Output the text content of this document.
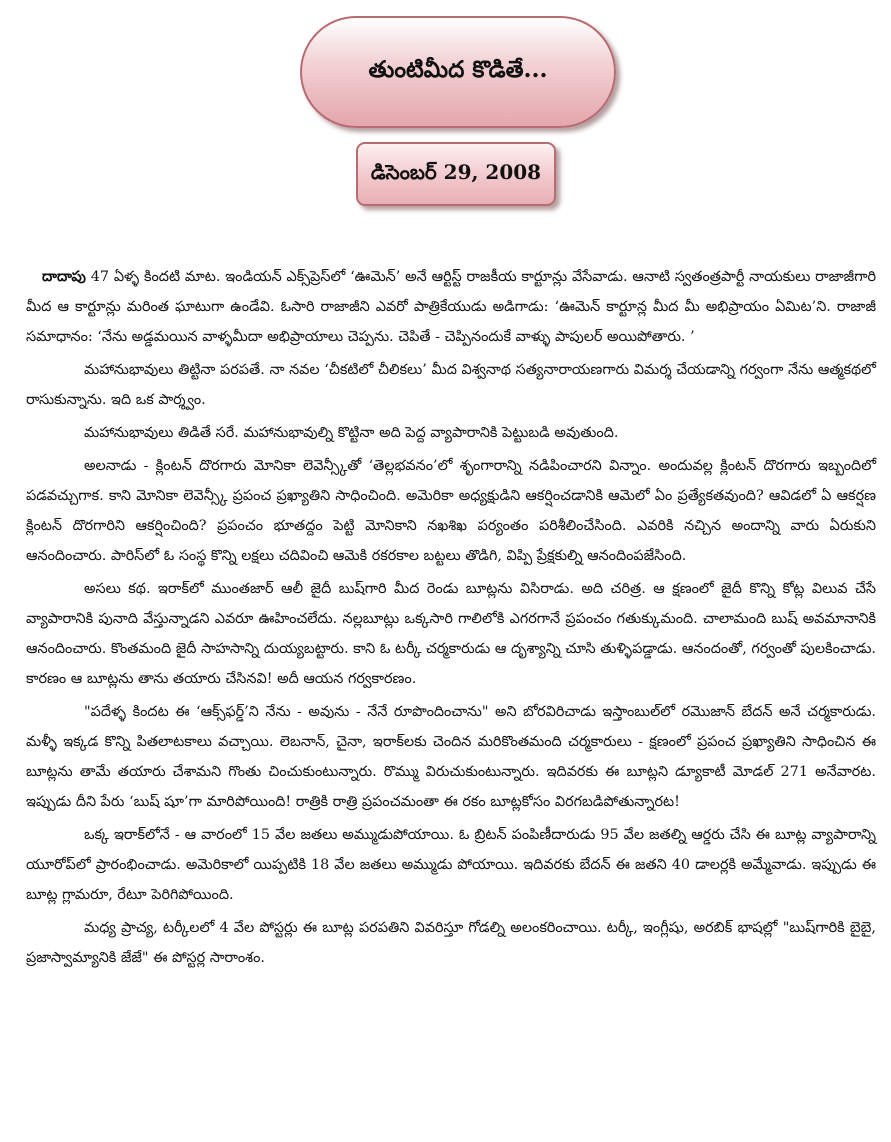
తుంటిమీద కొడితే...
డిసెంబర్ 29, 2008

దాదాపు 47 ఏళ్ళ కిందటి మాట. ఇండియన్ ఎక్స్‌ప్రెస్‌లో ‘ఊమెన్’ అనే ఆర్టిస్ట్ రాజకీయ కార్టూన్లు వేసేవాడు. ఆనాటి స్వతంత్రపార్టీ నాయకులు రాజాజీగారి మీద ఆ కార్టూన్లు మరింత ఘాటుగా ఉండేవి. ఓసారి రాజాజీని ఎవరో పాత్రికేయుడు అడిగాడు: ‘ఊమెన్ కార్టూన్ల మీద మీ అభిప్రాయం ఏమిట’ని. రాజాజీ సమాధానం: ‘నేను అడ్డమయిన వాళ్ళమీదా అభిప్రాయాలు చెప్పను. చెపితే - చెప్పినందుకే వాళ్ళు పాపులర్ అయిపోతారు. ’

మహానుభావులు తిట్టినా పరపతే. నా నవల ‘చీకటిలో చీలికలు’ మీద విశ్వనాథ సత్యనారాయణగారు విమర్శ చేయడాన్ని గర్వంగా నేను ఆత్మకథలో రాసుకున్నాను. ఇది ఒక పార్శ్వం.

మహానుభావులు తిడితే సరే. మహానుభావుల్ని కొట్టినా అది పెద్ద వ్యాపారానికి పెట్టుబడి అవుతుంది.

అలనాడు - క్లింటన్ దొరగారు మోనికా లెవెన్స్కీతో ‘తెల్లభవనం’లో శృంగారాన్ని నడిపించారని విన్నాం. అందువల్ల క్లింటన్ దొరగారు ఇబ్బందిలో పడవచ్చుగాక. కాని మోనికా లెవెన్స్కీ ప్రపంచ ప్రఖ్యాతిని సాధించింది. అమెరికా అధ్యక్షుడిని ఆకర్షించడానికి ఆమెలో ఏం ప్రత్యేకతవుంది? ఆవిడలో ఏ ఆకర్షణ క్లింటన్ దొరగారిని ఆకర్షించింది? ప్రపంచం భూతద్దం పెట్టి మోనికాని నఖశిఖ పర్యంతం పరిశీలించేసింది. ఎవరికి నచ్చిన అందాన్ని వారు ఏరుకుని ఆనందించారు. పారిస్‌లో ఓ సంస్థ కొన్ని లక్షలు చదివించి ఆమెకి రకరకాల బట్టలు తొడిగి, విప్పి ప్రేక్షకుల్ని ఆనందింపజేసింది.

అసలు కథ. ఇరాక్‌లో ముంతజార్ ఆలీ జైదీ బుష్‌గారి మీద రెండు బూట్లను విసిరాడు. అది చరిత్ర. ఆ క్షణంలో జైదీ కొన్ని కోట్ల విలువ చేసే వ్యాపారానికి పునాది వేస్తున్నాడని ఎవరూ ఊహించలేదు. నల్లబూట్లు ఒక్కసారి గాలిలోకి ఎగరగానే ప్రపంచం గతుక్కుమంది. చాలామంది బుష్ అవమానానికి ఆనందించారు. కొంతమంది జైదీ సాహసాన్ని దుయ్యబట్టారు. కాని ఓ టర్కీ చర్మకారుడు ఆ దృశ్యాన్ని చూసి తుళ్ళిపడ్డాడు. ఆనందంతో, గర్వంతో పులకించాడు. కారణం ఆ బూట్లను తాను తయారు చేసినవి! అదీ ఆయన గర్వకారణం.

"పదేళ్ళ కిందట ఈ ‘ఆక్స్‌ఫర్డ్’ని నేను - అవును - నేనే రూపొందించాను" అని బోరవిరిచాడు ఇస్తాంబుల్‌లో రమొజాన్ బేదన్ అనే చర్మకారుడు. మళ్ళీ ఇక్కడ కొన్ని పితలాటకాలు వచ్చాయి. లెబనాన్, చైనా, ఇరాక్‌లకు చెందిన మరికొంతమంది చర్మకారులు - క్షణంలో ప్రపంచ ప్రఖ్యాతిని సాధించిన ఈ బూట్లను తామే తయారు చేశామని గొంతు చించుకుంటున్నారు. రొమ్ము విరుచుకుంటున్నారు. ఇదివరకు ఈ బూట్లని డ్యూకాటీ మోడల్ 271 అనేవారట. ఇప్పుడు దీని పేరు ‘బుష్ షూ’గా మారిపోయింది! రాత్రికి రాత్రి ప్రపంచమంతా ఈ రకం బూట్లకోసం విరగబడిపోతున్నారట!

ఒక్క ఇరాక్‌లోనే - ఆ వారంలో 15 వేల జతలు అమ్ముడుపోయాయి. ఓ బ్రిటన్ పంపిణీదారుడు 95 వేల జతల్ని ఆర్డరు చేసి ఈ బూట్ల వ్యాపారాన్ని యూరోప్‌లో ప్రారంభించాడు. అమెరికాలో యిప్పటికి 18 వేల జతలు అమ్ముడు పోయాయి. ఇదివరకు బేదన్ ఈ జతని 40 డాలర్లకి అమ్మేవాడు. ఇప్పుడు ఈ బూట్ల గ్లామరూ, రేటూ పెరిగిపోయింది.

మధ్య ప్రాచ్య, టర్కీలలో 4 వేల పోస్టర్లు ఈ బూట్ల పరపతిని వివరిస్తూ గోడల్ని అలంకరించాయి. టర్కీ, ఇంగ్లీషు, అరబిక్ భాషల్లో "బుష్‌గారికి బైబై, ప్రజాస్వామ్యానికి జేజే" ఈ పోస్టర్ల సారాంశం.
